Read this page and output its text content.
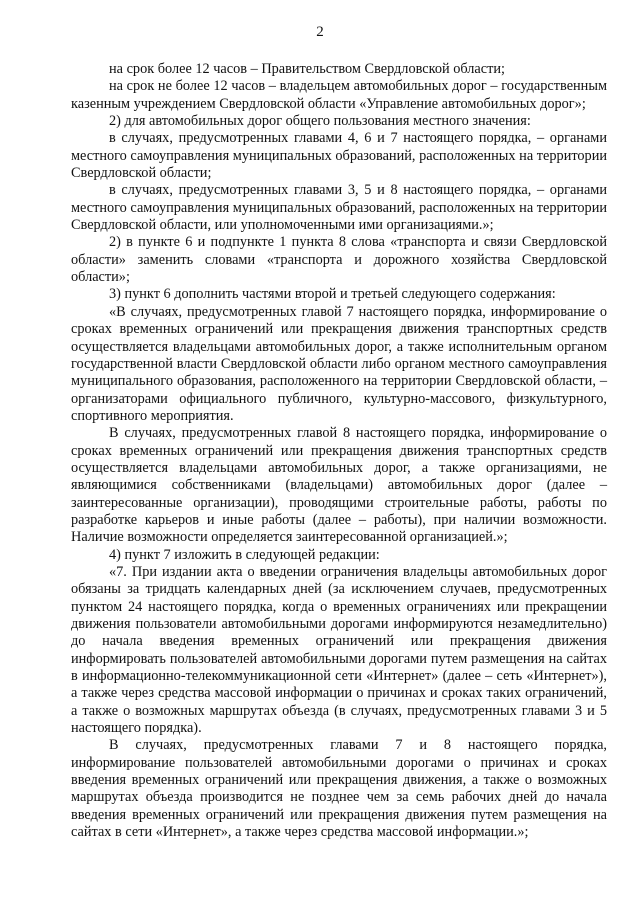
2

на срок более 12 часов – Правительством Свердловской области;

на срок не более 12 часов – владельцем автомобильных дорог – государственным казенным учреждением Свердловской области «Управление автомобильных дорог»;

2) для автомобильных дорог общего пользования местного значения:

в случаях, предусмотренных главами 4, 6 и 7 настоящего порядка, – органами местного самоуправления муниципальных образований, расположенных на территории Свердловской области;

в случаях, предусмотренных главами 3, 5 и 8 настоящего порядка, – органами местного самоуправления муниципальных образований, расположенных на территории Свердловской области, или уполномоченными ими организациями.»;

2) в пункте 6 и подпункте 1 пункта 8 слова «транспорта и связи Свердловской области» заменить словами «транспорта и дорожного хозяйства Свердловской области»;

3) пункт 6 дополнить частями второй и третьей следующего содержания:

«В случаях, предусмотренных главой 7 настоящего порядка, информирование о сроках временных ограничений или прекращения движения транспортных средств осуществляется владельцами автомобильных дорог, а также исполнительным органом государственной власти Свердловской области либо органом местного самоуправления муниципального образования, расположенного на территории Свердловской области, – организаторами официального публичного, культурно-массового, физкультурного, спортивного мероприятия.

В случаях, предусмотренных главой 8 настоящего порядка, информирование о сроках временных ограничений или прекращения движения транспортных средств осуществляется владельцами автомобильных дорог, а также организациями, не являющимися собственниками (владельцами) автомобильных дорог (далее – заинтересованные организации), проводящими строительные работы, работы по разработке карьеров и иные работы (далее – работы), при наличии возможности. Наличие возможности определяется заинтересованной организацией.»;

4) пункт 7 изложить в следующей редакции:

«7. При издании акта о введении ограничения владельцы автомобильных дорог обязаны за тридцать календарных дней (за исключением случаев, предусмотренных пунктом 24 настоящего порядка, когда о временных ограничениях или прекращении движения пользователи автомобильными дорогами информируются незамедлительно) до начала введения временных ограничений или прекращения движения информировать пользователей автомобильными дорогами путем размещения на сайтах в информационно-телекоммуникационной сети «Интернет» (далее – сеть «Интернет»), а также через средства массовой информации о причинах и сроках таких ограничений, а также о возможных маршрутах объезда (в случаях, предусмотренных главами 3 и 5 настоящего порядка).

В случаях, предусмотренных главами 7 и 8 настоящего порядка, информирование пользователей автомобильными дорогами о причинах и сроках введения временных ограничений или прекращения движения, а также о возможных маршрутах объезда производится не позднее чем за семь рабочих дней до начала введения временных ограничений или прекращения движения путем размещения на сайтах в сети «Интернет», а также через средства массовой информации.»;
